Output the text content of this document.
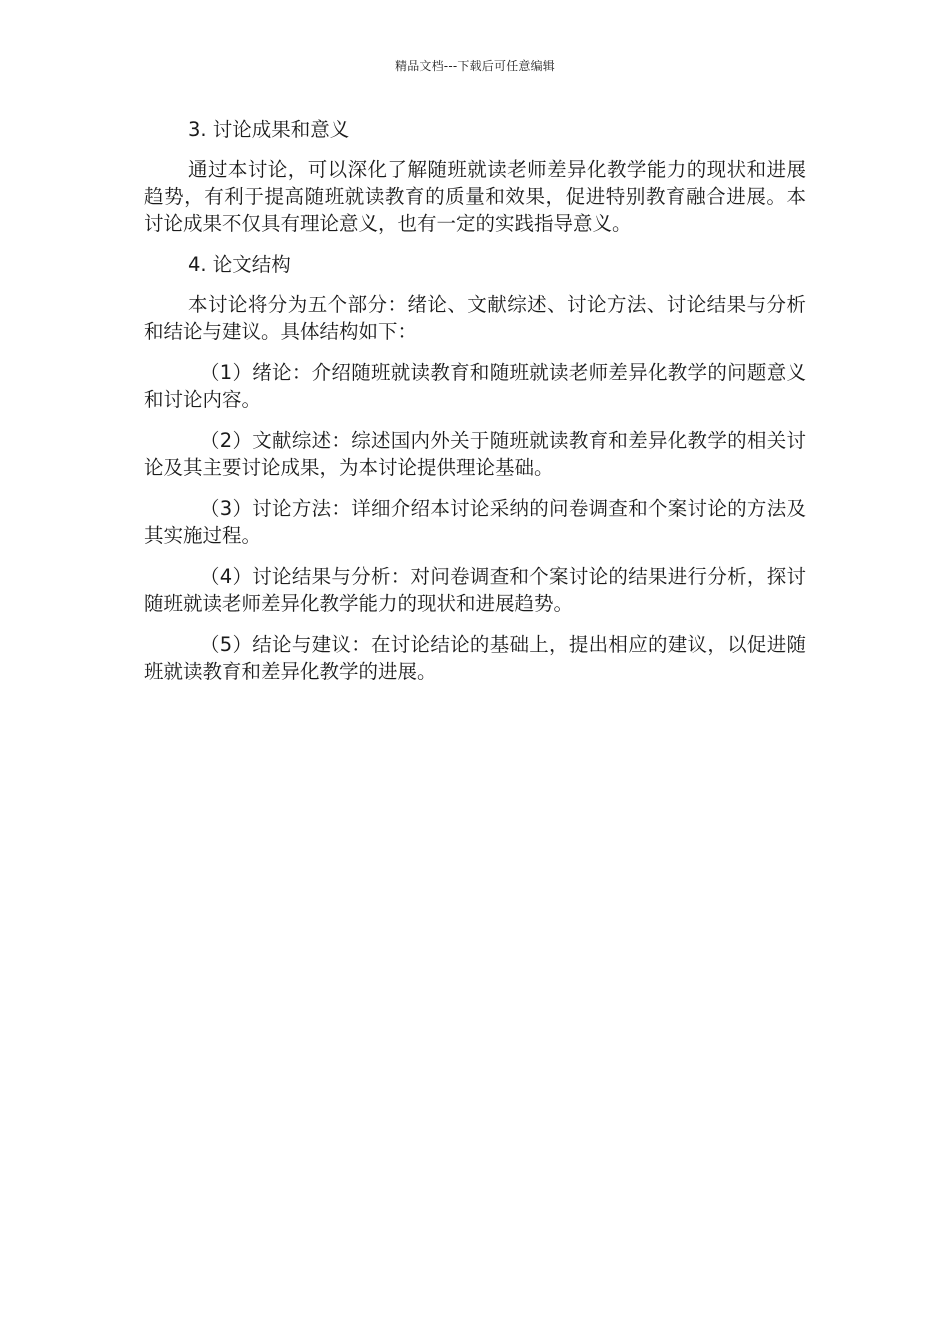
精品文档---下载后可任意编辑
3. 讨论成果和意义

通过本讨论，可以深化了解随班就读老师差异化教学能力的现状和进展趋势，有利于提高随班就读教育的质量和效果，促进特别教育融合进展。本讨论成果不仅具有理论意义，也有一定的实践指导意义。

4. 论文结构

本讨论将分为五个部分：绪论、文献综述、讨论方法、讨论结果与分析和结论与建议。具体结构如下：

（1）绪论：介绍随班就读教育和随班就读老师差异化教学的问题意义和讨论内容。

（2）文献综述：综述国内外关于随班就读教育和差异化教学的相关讨论及其主要讨论成果，为本讨论提供理论基础。

（3）讨论方法：详细介绍本讨论采纳的问卷调查和个案讨论的方法及其实施过程。

（4）讨论结果与分析：对问卷调查和个案讨论的结果进行分析，探讨随班就读老师差异化教学能力的现状和进展趋势。

（5）结论与建议：在讨论结论的基础上，提出相应的建议，以促进随班就读教育和差异化教学的进展。
